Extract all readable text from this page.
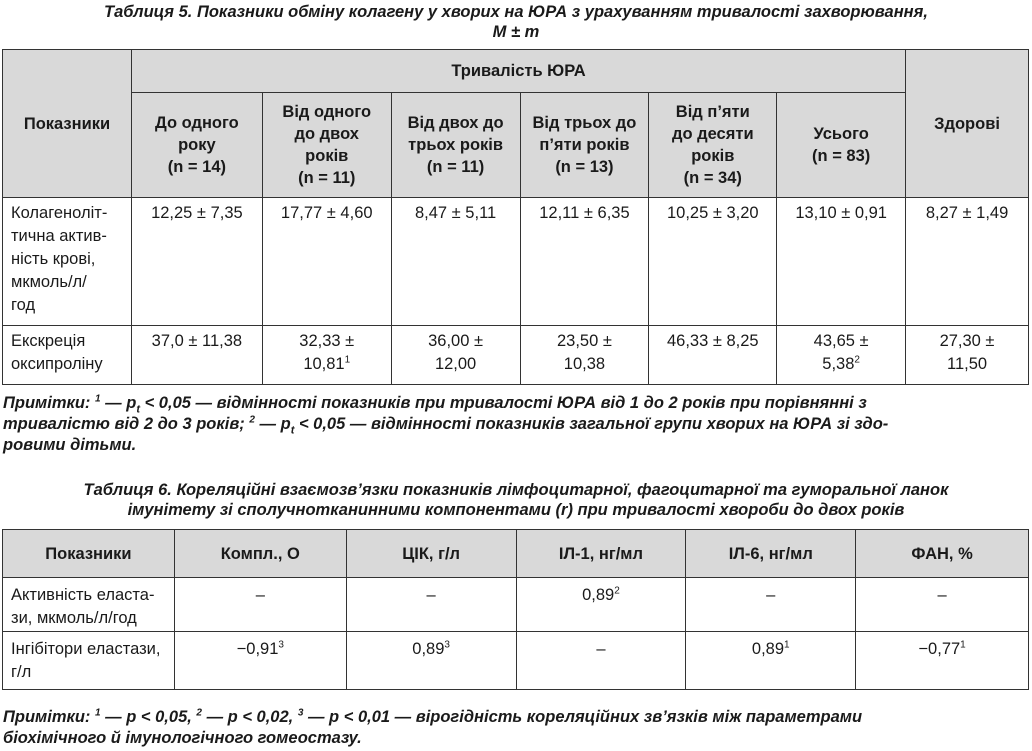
Таблиця 5. Показники обміну колагену у хворих на ЮРА з урахуванням тривалості захворювання,
M ± m
Показники	Тривалість ЮРА						Здорові
	До одного
року
(n = 14)	Від одного
до двох
років
(n = 11)	Від двох до
трьох років
(n = 11)	Від трьох до
п’яти років
(n = 13)	Від п’яти
до десяти
років
(n = 34)	Усього
(n = 83)	
Колагеноліт-
тична актив-
ність крові,
мкмоль/л/
год	12,25 ± 7,35	17,77 ± 4,60	8,47 ± 5,11	12,11 ± 6,35	10,25 ± 3,20	13,10 ± 0,91	8,27 ± 1,49
Екскреція
оксипроліну	37,0 ± 11,38	32,33 ±
$10,81^1$	36,00 ±
12,00	23,50 ±
10,38	46,33 ± 8,25	43,65 ±
$5,38^2$	27,30 ±
11,50
Примітки: $^1$ — $p_t < 0,05$ — відмінності показників при тривалості ЮРА від 1 до 2 років при порівнянні з
тривалістю від 2 до 3 років; $^2$ — $p_t < 0,05$ — відмінності показників загальної групи хворих на ЮРА зі здо-
ровими дітьми.
Таблиця 6. Кореляційні взаємозв’язки показників лімфоцитарної, фагоцитарної та гуморальної ланок
імунітету зі сполучнотканинними компонентами (r) при тривалості хвороби до двох років
Показники	Компл., О	ЦІК, г/л	ІЛ-1, нг/мл	ІЛ-6, нг/мл	ФАН, %
Активність еласта-
зи, мкмоль/л/год	–	–	0,89$^2$	–	–
Інгібітори еластази,
г/л	$-0,91^3$	0,89$^3$	–	$0,89^1$	$-0,77^1$
Примітки: $^1$ — p < 0,05, $^2$ — p < 0,02, $^3$ — p < 0,01 — вірогідність кореляційних зв’язків між параметрами
біохімічного й імунологічного гомеостазу.
